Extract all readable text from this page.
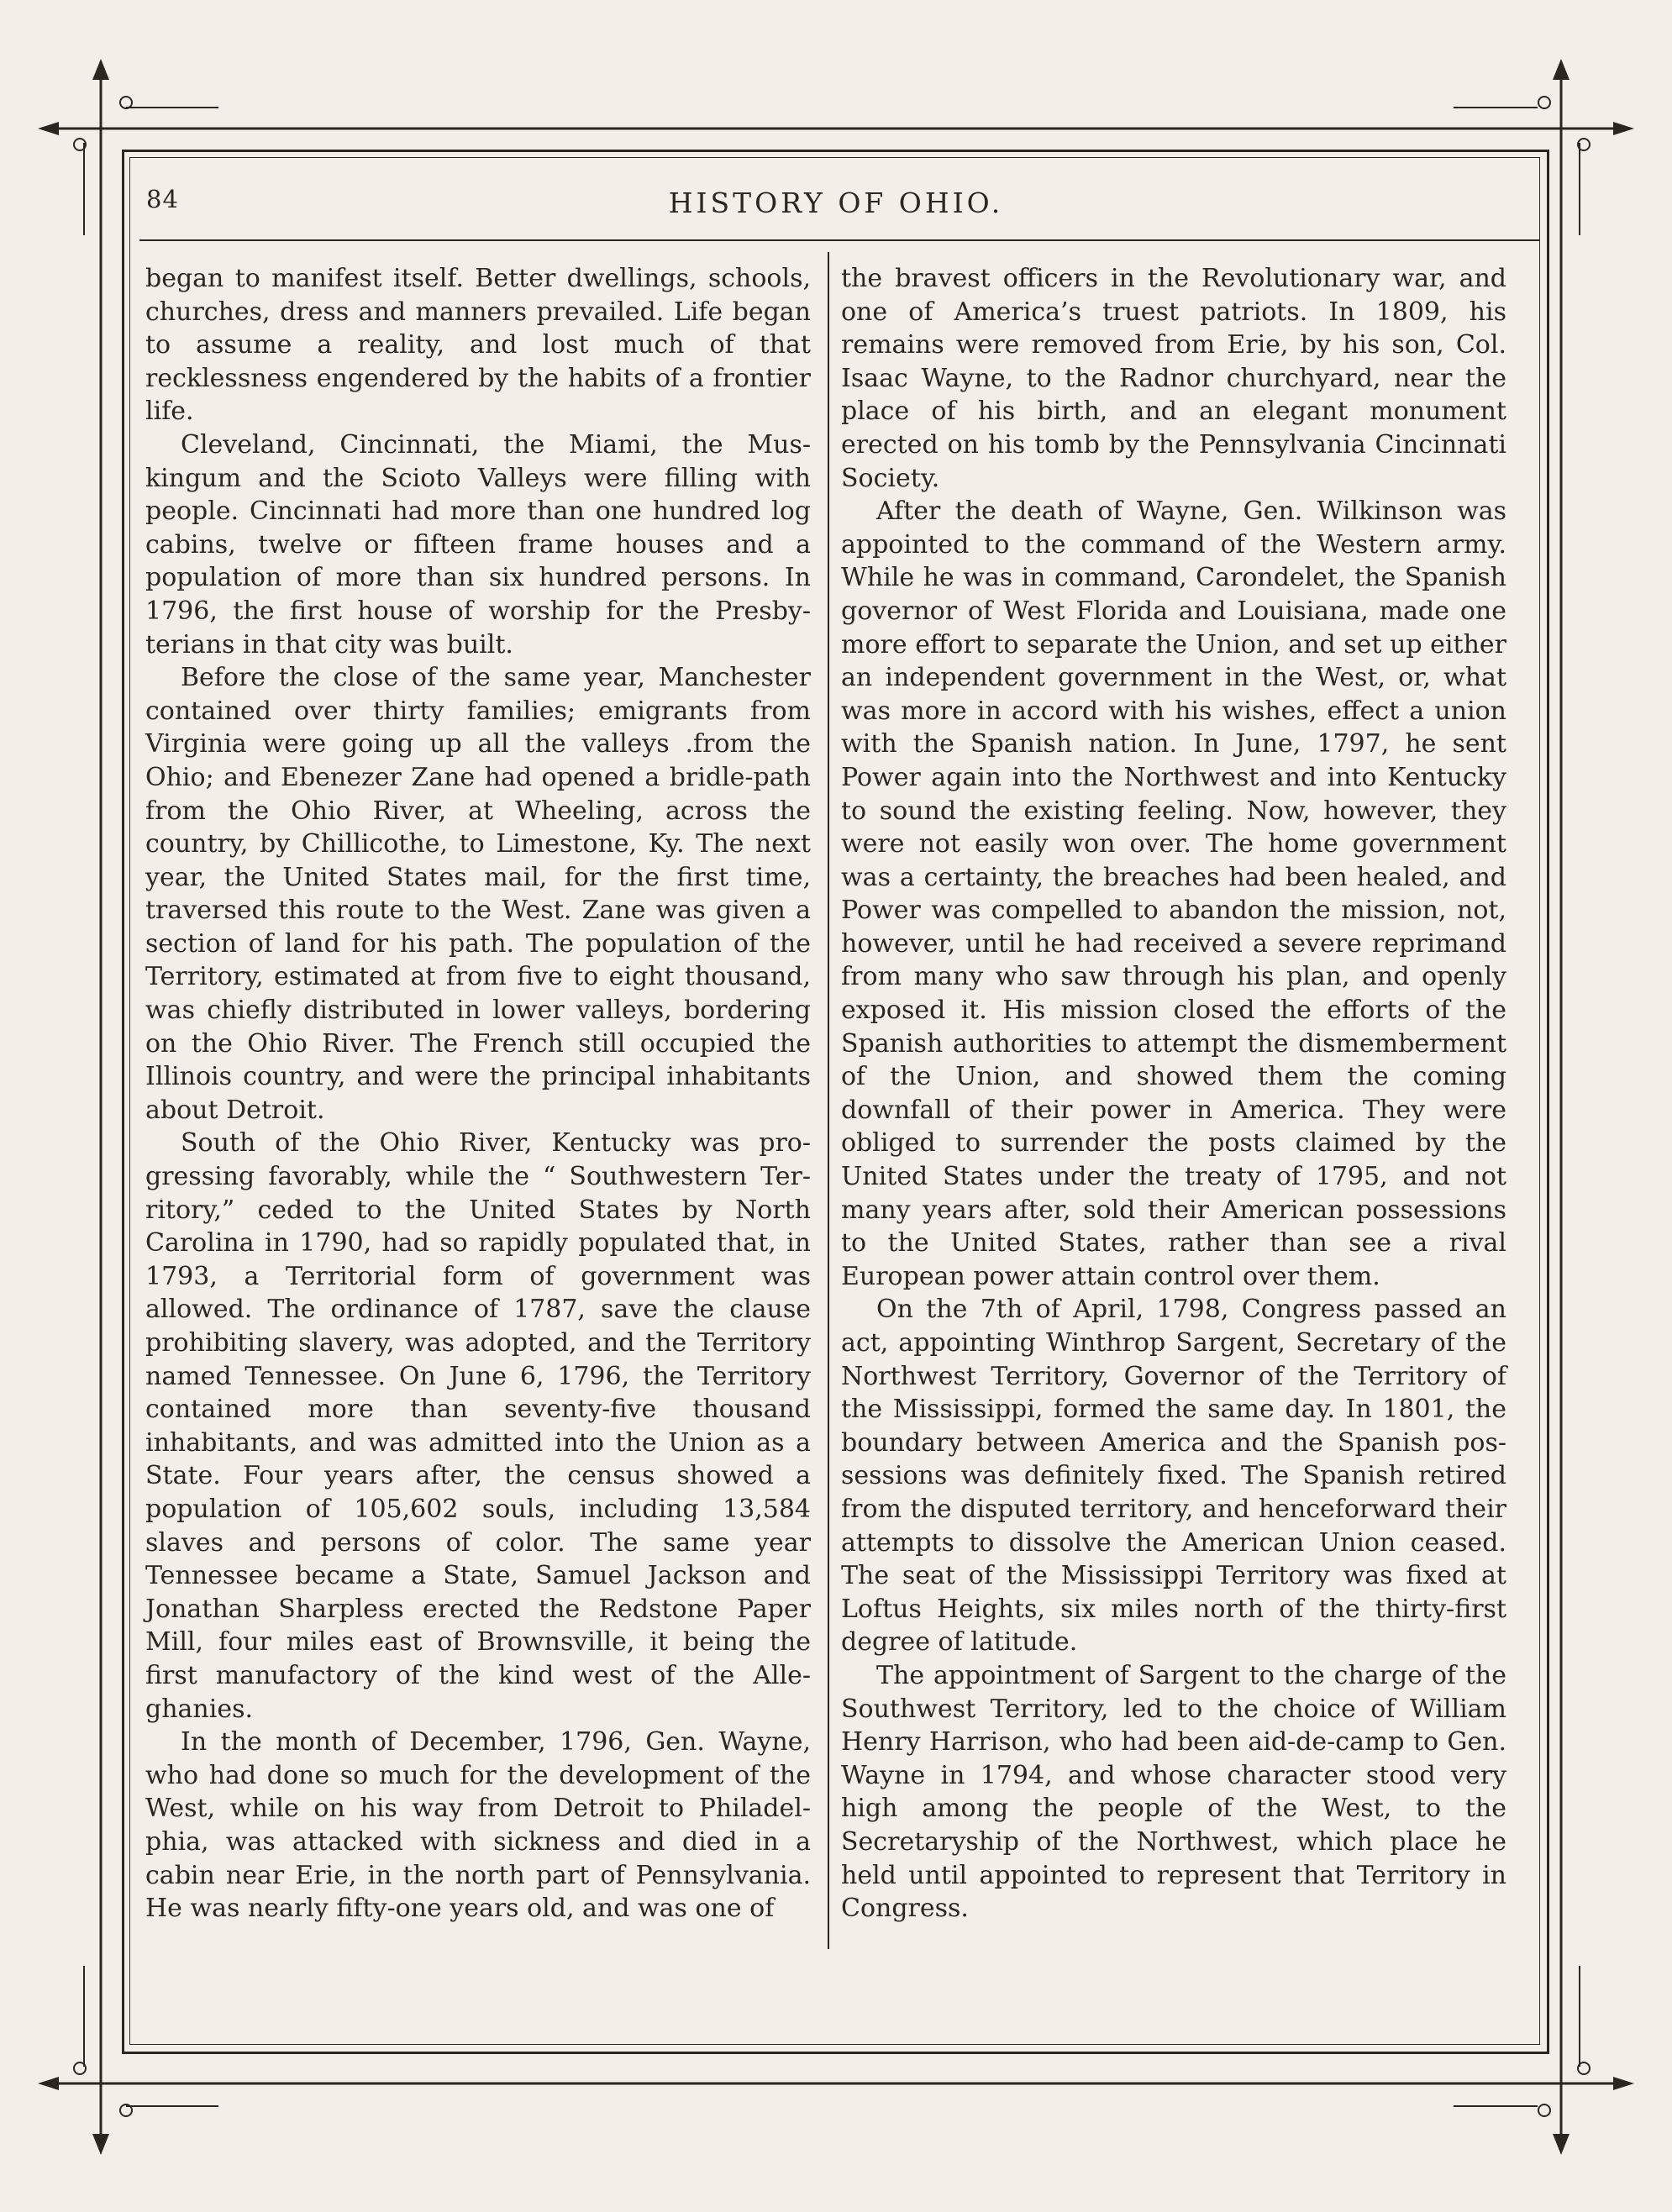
84	HISTORY OF OHIO.

began to manifest itself. Better dwellings, schools, churches, dress and manners prevailed. Life began to assume a reality, and lost much of that recklessness engendered by the habits of a frontier life.

Cleveland, Cincinnati, the Miami, the Muskingum and the Scioto Valleys were filling with people. Cincinnati had more than one hundred log cabins, twelve or fifteen frame houses and a population of more than six hundred persons. In 1796, the first house of worship for the Presbyterians in that city was built.

Before the close of the same year, Manchester contained over thirty families; emigrants from Virginia were going up all the valleys .from the Ohio; and Ebenezer Zane had opened a bridle-path from the Ohio River, at Wheeling, across the country, by Chillicothe, to Limestone, Ky. The next year, the United States mail, for the first time, traversed this route to the West. Zane was given a section of land for his path. The population of the Territory, estimated at from five to eight thousand, was chiefly distributed in lower valleys, bordering on the Ohio River. The French still occupied the Illinois country, and were the principal inhabitants about Detroit.

South of the Ohio River, Kentucky was progressing favorably, while the “ Southwestern Territory,” ceded to the United States by North Carolina in 1790, had so rapidly populated that, in 1793, a Territorial form of government was allowed. The ordinance of 1787, save the clause prohibiting slavery, was adopted, and the Territory named Tennessee. On June 6, 1796, the Territory contained more than seventy-five thousand inhabitants, and was admitted into the Union as a State. Four years after, the census showed a population of 105,602 souls, including 13,584 slaves and persons of color. The same year Tennessee became a State, Samuel Jackson and Jonathan Sharpless erected the Redstone Paper Mill, four miles east of Brownsville, it being the first manufactory of the kind west of the Alleghanies.

In the month of December, 1796, Gen. Wayne, who had done so much for the development of the West, while on his way from Detroit to Philadelphia, was attacked with sickness and died in a cabin near Erie, in the north part of Pennsylvania. He was nearly fifty-one years old, and was one of

the bravest officers in the Revolutionary war, and one of America’s truest patriots. In 1809, his remains were removed from Erie, by his son, Col. Isaac Wayne, to the Radnor churchyard, near the place of his birth, and an elegant monument erected on his tomb by the Pennsylvania Cincinnati Society.

After the death of Wayne, Gen. Wilkinson was appointed to the command of the Western army. While he was in command, Carondelet, the Spanish governor of West Florida and Louisiana, made one more effort to separate the Union, and set up either an independent government in the West, or, what was more in accord with his wishes, effect a union with the Spanish nation. In June, 1797, he sent Power again into the Northwest and into Kentucky to sound the existing feeling. Now, however, they were not easily won over. The home government was a certainty, the breaches had been healed, and Power was compelled to abandon the mission, not, however, until he had received a severe reprimand from many who saw through his plan, and openly exposed it. His mission closed the efforts of the Spanish authorities to attempt the dismemberment of the Union, and showed them the coming downfall of their power in America. They were obliged to surrender the posts claimed by the United States under the treaty of 1795, and not many years after, sold their American possessions to the United States, rather than see a rival European power attain control over them.

On the 7th of April, 1798, Congress passed an act, appointing Winthrop Sargent, Secretary of the Northwest Territory, Governor of the Territory of the Mississippi, formed the same day. In 1801, the boundary between America and the Spanish possessions was definitely fixed. The Spanish retired from the disputed territory, and henceforward their attempts to dissolve the American Union ceased. The seat of the Mississippi Territory was fixed at Loftus Heights, six miles north of the thirty-first degree of latitude.

The appointment of Sargent to the charge of the Southwest Territory, led to the choice of William Henry Harrison, who had been aid-de-camp to Gen. Wayne in 1794, and whose character stood very high among the people of the West, to the Secretaryship of the Northwest, which place he held until appointed to represent that Territory in Congress.
